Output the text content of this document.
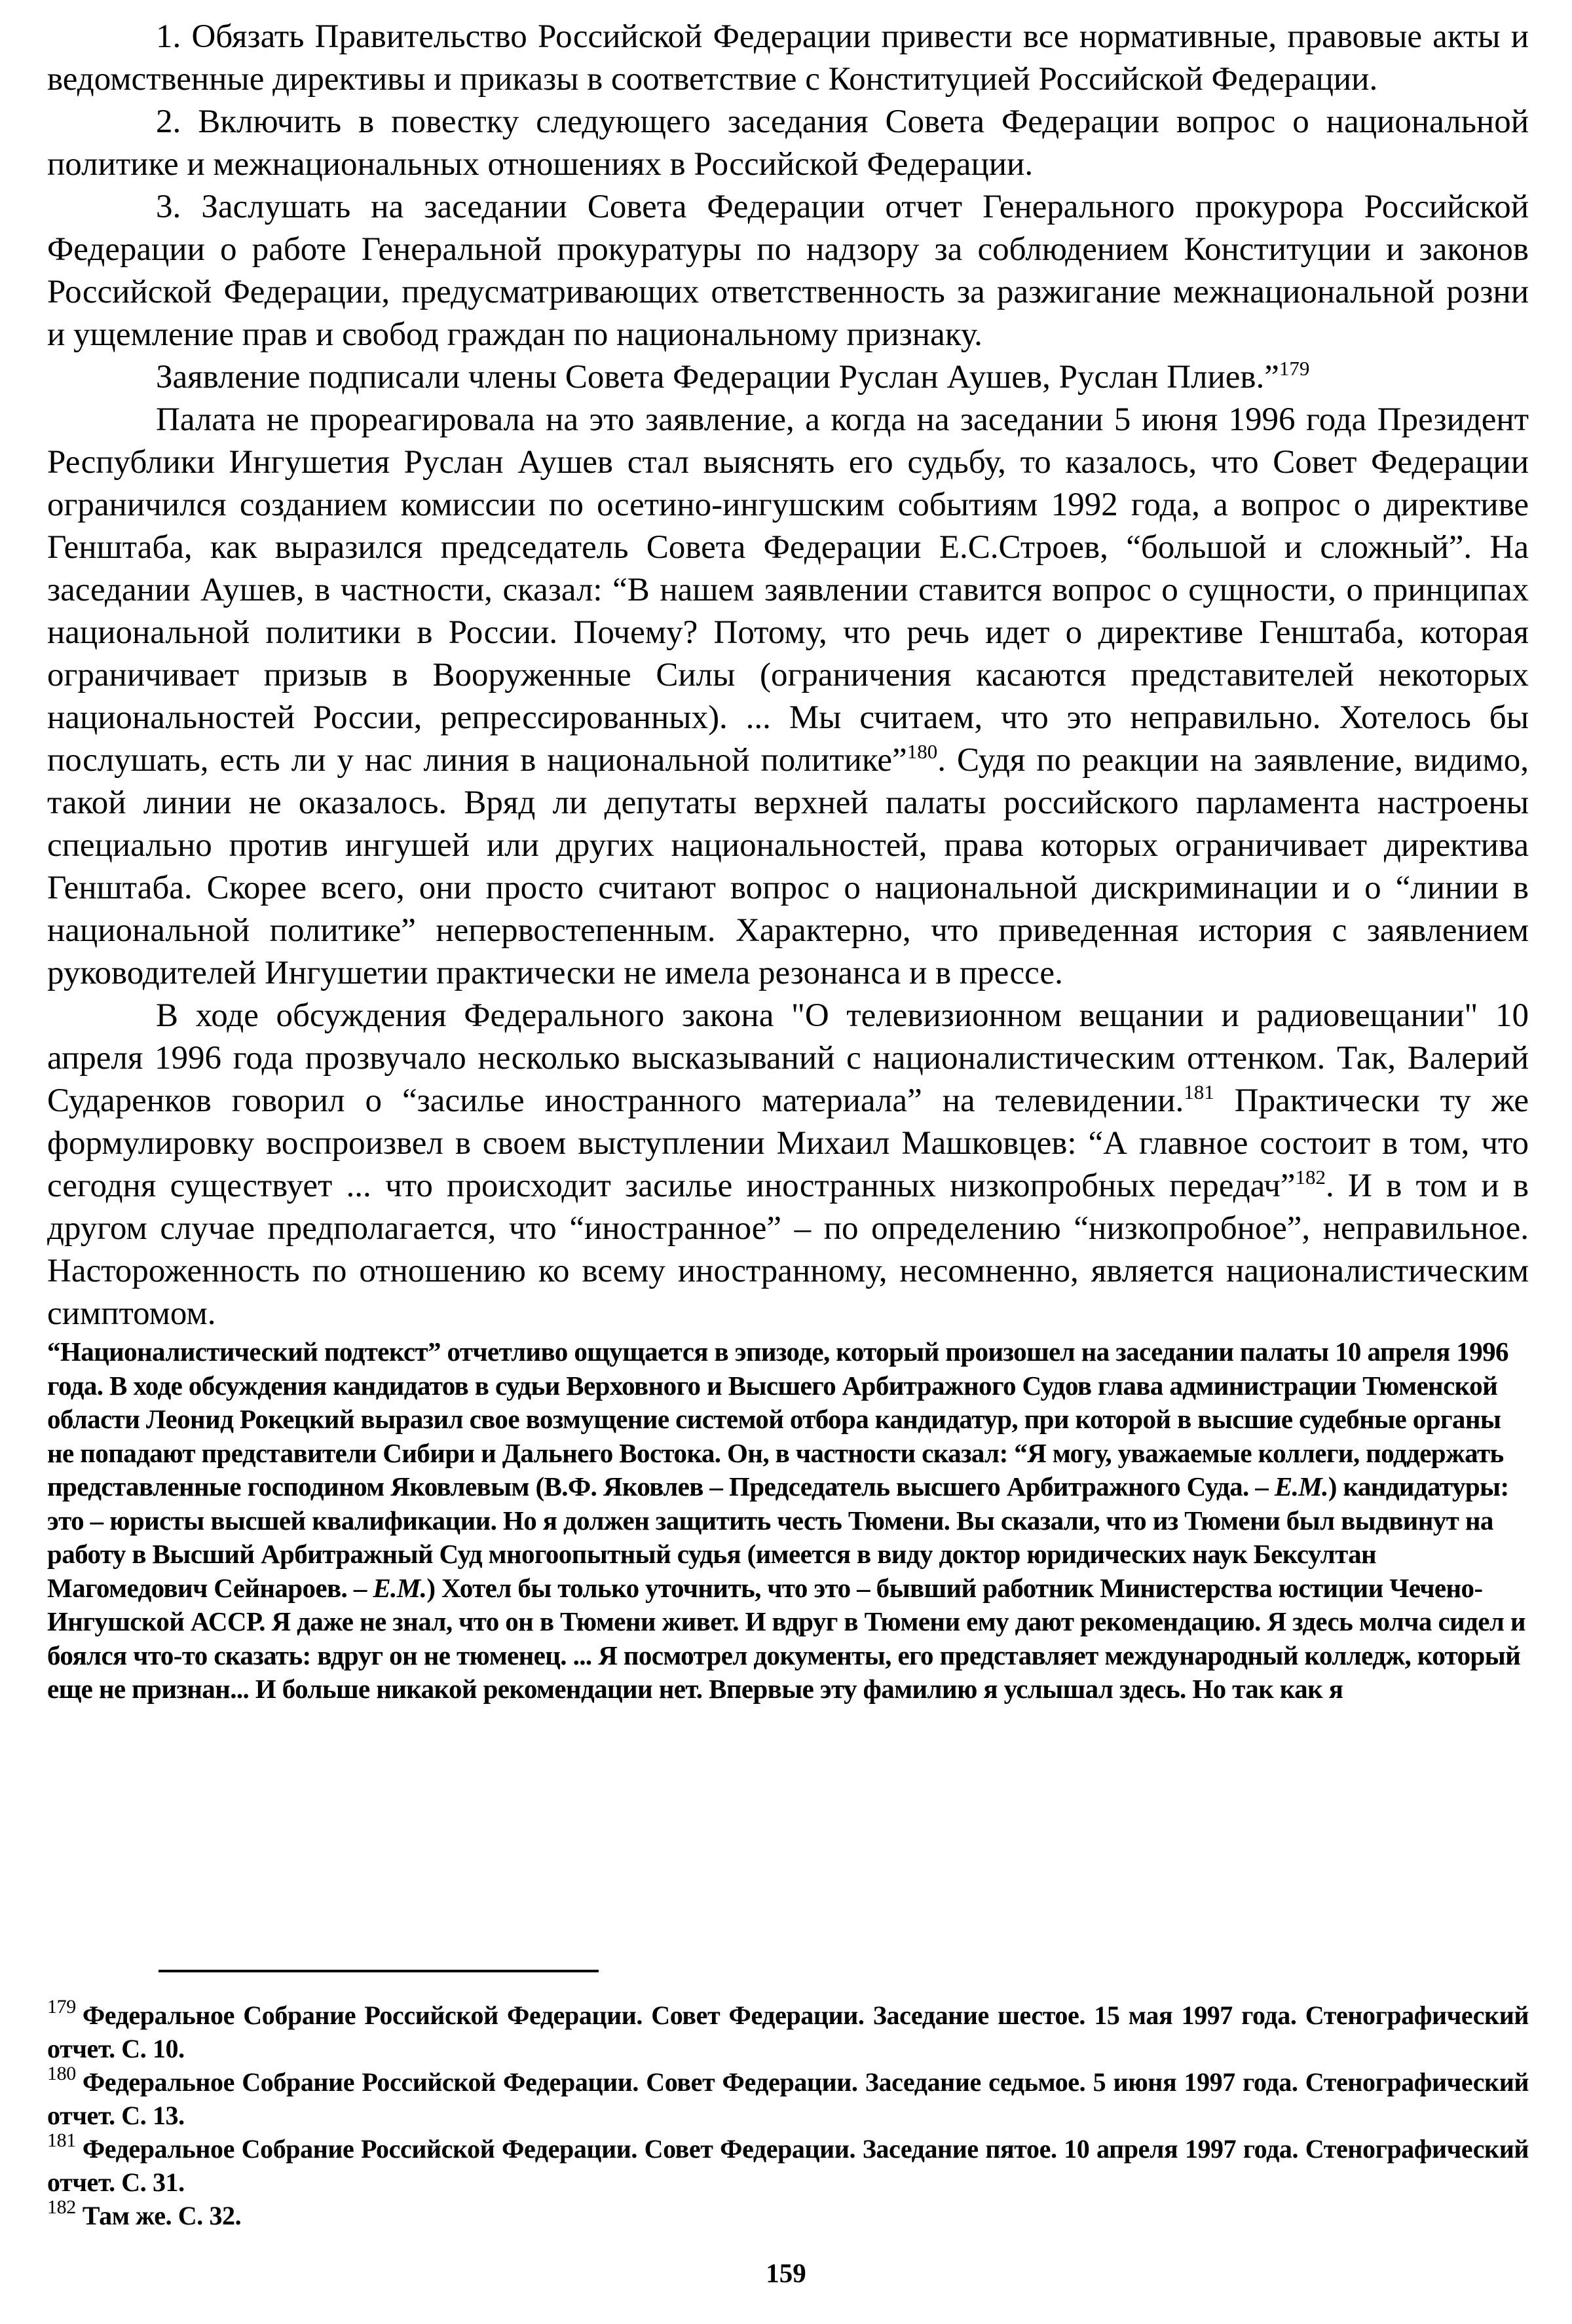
1. Обязать Правительство Российской Федерации привести все нормативные, правовые акты и ведомственные директивы и приказы в соответствие с Конституцией Российской Федерации.

2. Включить в повестку следующего заседания Совета Федерации вопрос о национальной политике и межнациональных отношениях в Российской Федерации.

3. Заслушать на заседании Совета Федерации отчет Генерального прокурора Российской Федерации о работе Генеральной прокуратуры по надзору за соблюдением Конституции и законов Российской Федерации, предусматривающих ответственность за разжигание межнациональной розни и ущемление прав и свобод граждан по национальному признаку.

Заявление подписали члены Совета Федерации Руслан Аушев, Руслан Плиев.”$^{179}$

Палата не прореагировала на это заявление, а когда на заседании 5 июня 1996 года Президент Республики Ингушетия Руслан Аушев стал выяснять его судьбу, то казалось, что Совет Федерации ограничился созданием комиссии по осетино-ингушским событиям 1992 года, а вопрос о директиве Генштаба, как выразился председатель Совета Федерации Е.С.Строев, “большой и сложный”. На заседании Аушев, в частности, сказал: “В нашем заявлении ставится вопрос о сущности, о принципах национальной политики в России. Почему? Потому, что речь идет о директиве Генштаба, которая ограничивает призыв в Вооруженные Силы (ограничения касаются представителей некоторых национальностей России, репрессированных). ... Мы считаем, что это неправильно. Хотелось бы послушать, есть ли у нас линия в национальной политике”$^{180}$. Судя по реакции на заявление, видимо, такой линии не оказалось. Вряд ли депутаты верхней палаты российского парламента настроены специально против ингушей или других национальностей, права которых ограничивает директива Генштаба. Скорее всего, они просто считают вопрос о национальной дискриминации и о “линии в национальной политике” непервостепенным. Характерно, что приведенная история с заявлением руководителей Ингушетии практически не имела резонанса и в прессе.

В ходе обсуждения Федерального закона "О телевизионном вещании и радиовещании" 10 апреля 1996 года прозвучало несколько высказываний с националистическим оттенком. Так, Валерий Сударенков говорил о “засилье иностранного материала” на телевидении.$^{181}$ Практически ту же формулировку воспроизвел в своем выступлении Михаил Машковцев: “А главное состоит в том, что сегодня существует ... что происходит засилье иностранных низкопробных передач”$^{182}$. И в том и в другом случае предполагается, что “иностранное” – по определению “низкопробное”, неправильное. Настороженность по отношению ко всему иностранному, несомненно, является националистическим симптомом.

“Националистический подтекст” отчетливо ощущается в эпизоде, который произошел на заседании палаты 10 апреля 1996 года. В ходе обсуждения кандидатов в судьи Верховного и Высшего Арбитражного Судов глава администрации Тюменской области Леонид Рокецкий выразил свое возмущение системой отбора кандидатур, при которой в высшие судебные органы не попадают представители Сибири и Дальнего Востока. Он, в частности сказал: “Я могу, уважаемые коллеги, поддержать представленные господином Яковлевым (В.Ф. Яковлев – Председатель высшего Арбитражного Суда. – Е.М.) кандидатуры: это – юристы высшей квалификации. Но я должен защитить честь Тюмени. Вы сказали, что из Тюмени был выдвинут на работу в Высший Арбитражный Суд многоопытный судья (имеется в виду доктор юридических наук Бексултан Магомедович Сейнароев. – Е.М.) Хотел бы только уточнить, что это – бывший работник Министерства юстиции Чечено-Ингушской АССР. Я даже не знал, что он в Тюмени живет. И вдруг в Тюмени ему дают рекомендацию. Я здесь молча сидел и боялся что-то сказать: вдруг он не тюменец. ... Я посмотрел документы, его представляет международный колледж, который еще не признан... И больше никакой рекомендации нет. Впервые эту фамилию я услышал здесь. Но так как я

$^{179}$ Федеральное Собрание Российской Федерации. Совет Федерации. Заседание шестое. 15 мая 1997 года. Стенографический отчет. С. 10.

$^{180}$ Федеральное Собрание Российской Федерации. Совет Федерации. Заседание седьмое. 5 июня 1997 года. Стенографический отчет. С. 13.

$^{181}$ Федеральное Собрание Российской Федерации. Совет Федерации. Заседание пятое. 10 апреля 1997 года. Стенографический отчет. С. 31.

$^{182}$ Там же. С. 32.

159
